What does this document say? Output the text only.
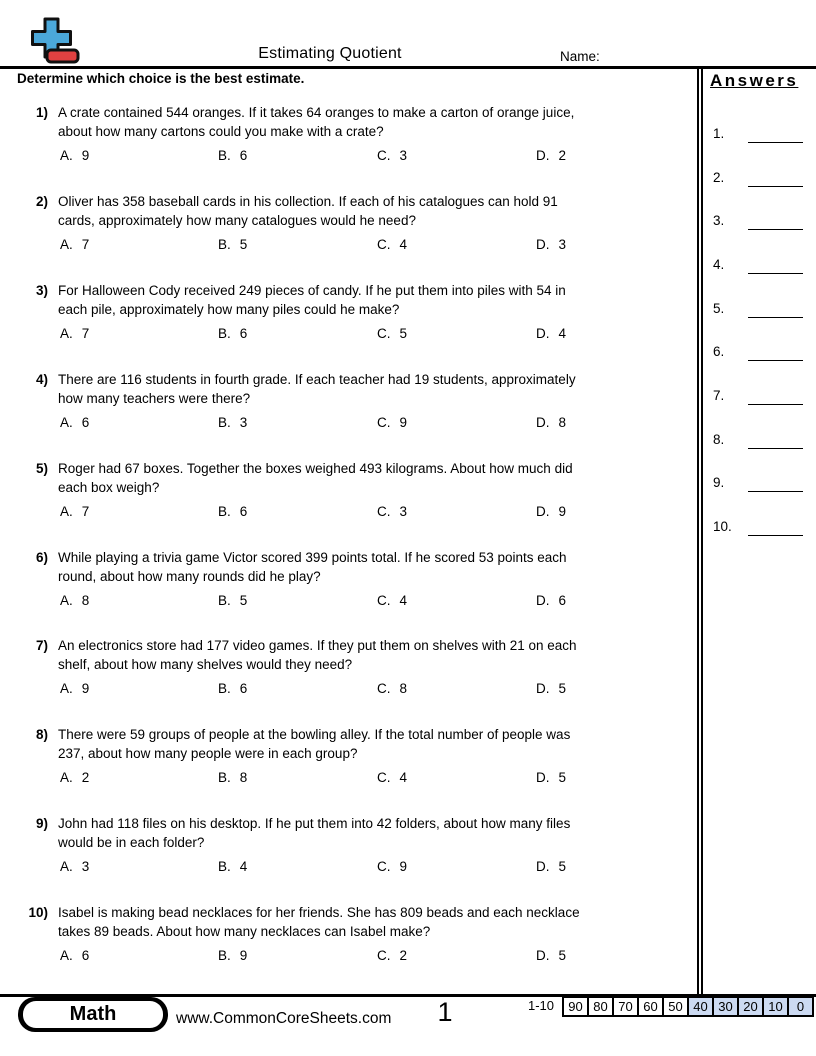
Estimating Quotient	Name:
Determine which choice is the best estimate.
1) A crate contained 544 oranges. If it takes 64 oranges to make a carton of orange juice,
about how many cartons could you make with a crate?
A. 9	B. 6	C. 3	D. 2
2) Oliver has 358 baseball cards in his collection. If each of his catalogues can hold 91
cards, approximately how many catalogues would he need?
A. 7	B. 5	C. 4	D. 3
3) For Halloween Cody received 249 pieces of candy. If he put them into piles with 54 in
each pile, approximately how many piles could he make?
A. 7	B. 6	C. 5	D. 4
4) There are 116 students in fourth grade. If each teacher had 19 students, approximately
how many teachers were there?
A. 6	B. 3	C. 9	D. 8
5) Roger had 67 boxes. Together the boxes weighed 493 kilograms. About how much did
each box weigh?
A. 7	B. 6	C. 3	D. 9
6) While playing a trivia game Victor scored 399 points total. If he scored 53 points each
round, about how many rounds did he play?
A. 8	B. 5	C. 4	D. 6
7) An electronics store had 177 video games. If they put them on shelves with 21 on each
shelf, about how many shelves would they need?
A. 9	B. 6	C. 8	D. 5
8) There were 59 groups of people at the bowling alley. If the total number of people was
237, about how many people were in each group?
A. 2	B. 8	C. 4	D. 5
9) John had 118 files on his desktop. If he put them into 42 folders, about how many files
would be in each folder?
A. 3	B. 4	C. 9	D. 5
10) Isabel is making bead necklaces for her friends. She has 809 beads and each necklace
takes 89 beads. About how many necklaces can Isabel make?
A. 6	B. 9	C. 2	D. 5
Answers
1.
2.
3.
4.
5.
6.
7.
8.
9.
10.
Math	www.CommonCoreSheets.com	1	1-10	90 80 70 60 50 40 30 20 10	0
